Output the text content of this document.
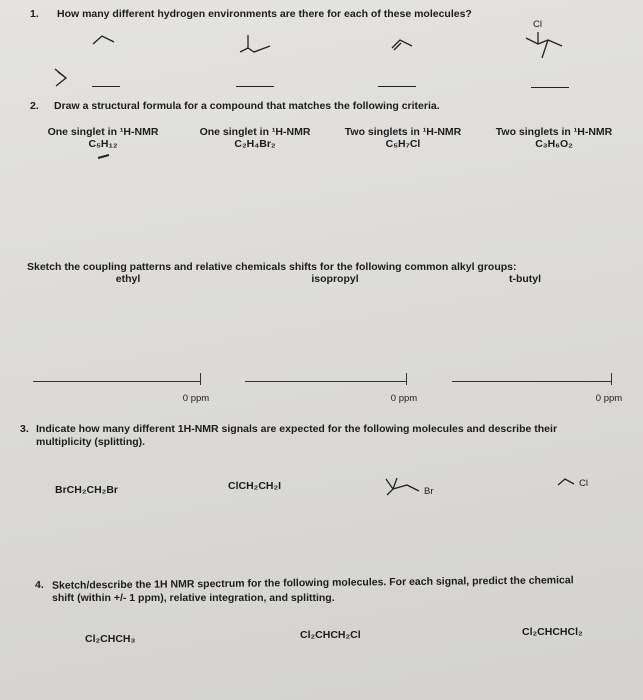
1. How many different hydrogen environments are there for each of these molecules?
Cl
2. Draw a structural formula for a compound that matches the following criteria.
One singlet in ¹H-NMR
C₅H₁₂
One singlet in ¹H-NMR
C₂H₄Br₂
Two singlets in ¹H-NMR
C₅H₇Cl
Two singlets in ¹H-NMR
C₃H₆O₂
Sketch the coupling patterns and relative chemicals shifts for the following common alkyl groups:
ethyl	isopropyl	t-butyl
0 ppm	0 ppm	0 ppm
3. Indicate how many different 1H-NMR signals are expected for the following molecules and describe their
multiplicity (splitting).
BrCH₂CH₂Br	ClCH₂CH₂I	Br
Cl
4. Sketch/describe the 1H NMR spectrum for the following molecules. For each signal, predict the chemical
shift (within +/- 1 ppm), relative integration, and splitting.
Cl₂CHCH₃	Cl₂CHCH₂Cl	Cl₂CHCHCl₂
